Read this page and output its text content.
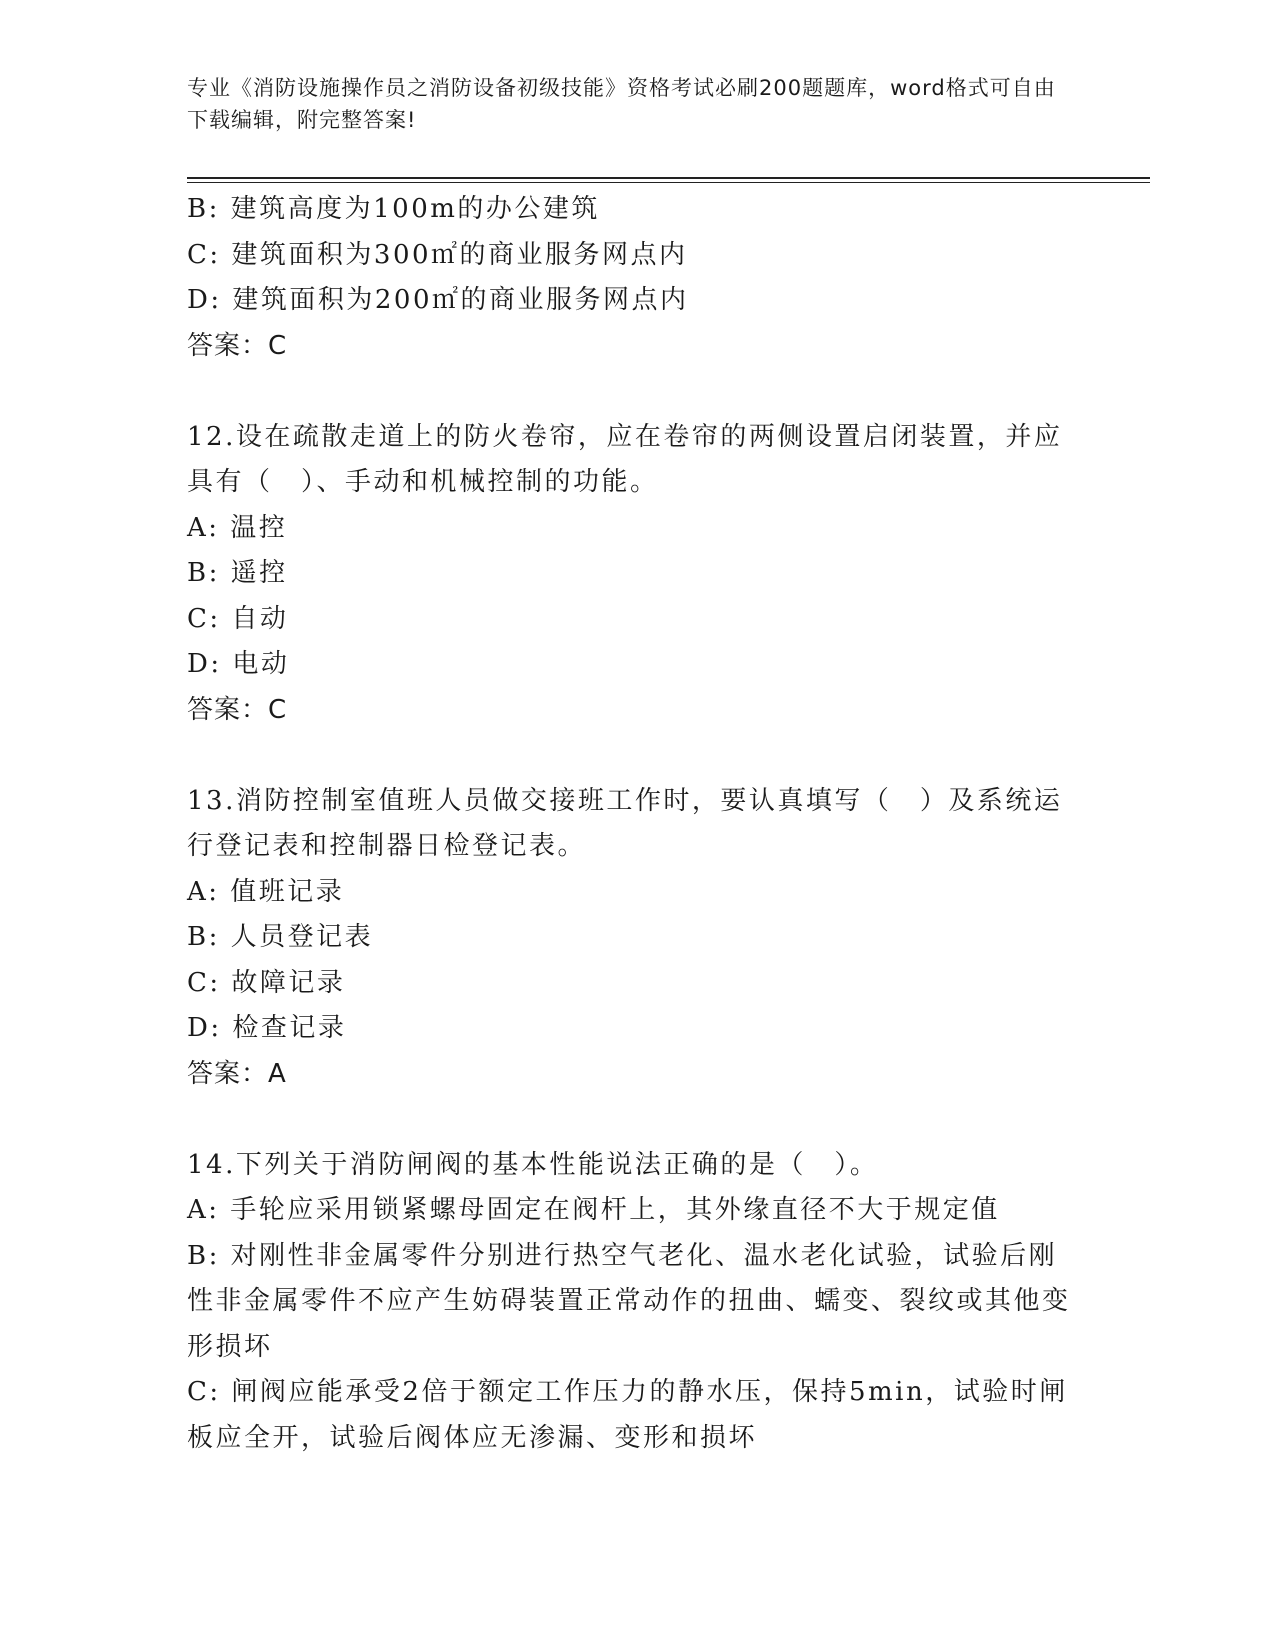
专业《消防设施操作员之消防设备初级技能》资格考试必刷200题题库，word格式可自由下载编辑，附完整答案!

B: 建筑高度为100m的办公建筑

C: 建筑面积为300㎡的商业服务网点内

D: 建筑面积为200㎡的商业服务网点内

答案：C

12.设在疏散走道上的防火卷帘，应在卷帘的两侧设置启闭装置，并应具有（　）、手动和机械控制的功能。

A: 温控

B: 遥控

C: 自动

D: 电动

答案：C

13.消防控制室值班人员做交接班工作时，要认真填写（　）及系统运行登记表和控制器日检登记表。

A: 值班记录

B: 人员登记表

C: 故障记录

D: 检查记录

答案：A

14.下列关于消防闸阀的基本性能说法正确的是（　）。

A: 手轮应采用锁紧螺母固定在阀杆上，其外缘直径不大于规定值

B: 对刚性非金属零件分别进行热空气老化、温水老化试验，试验后刚性非金属零件不应产生妨碍装置正常动作的扭曲、蠕变、裂纹或其他变形损坏

C: 闸阀应能承受2倍于额定工作压力的静水压，保持5min，试验时闸板应全开，试验后阀体应无渗漏、变形和损坏
